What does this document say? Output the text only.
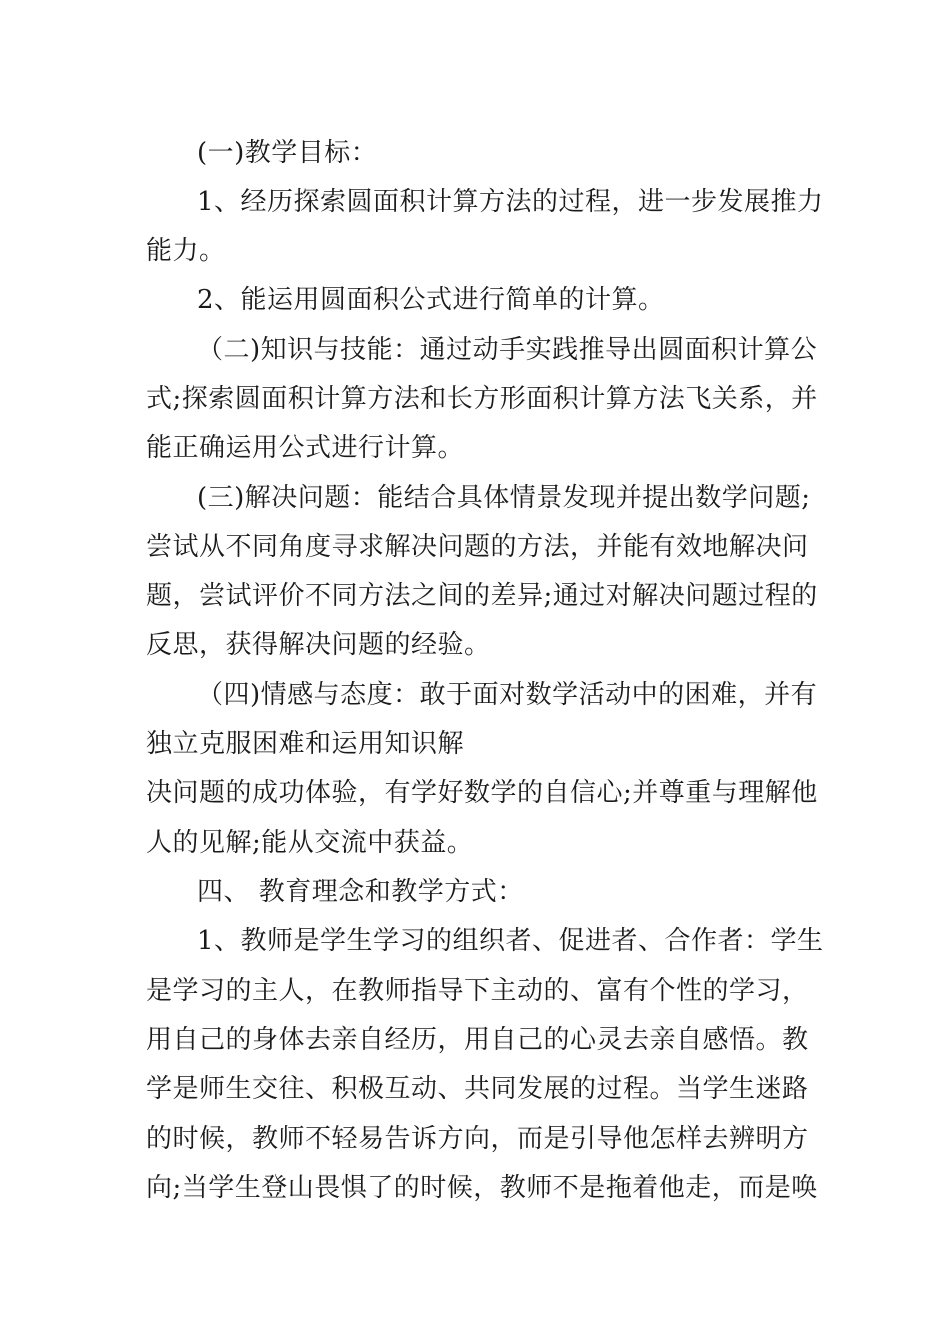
(一)教学目标：

1、经历探索圆面积计算方法的过程，进一步发展推力

能力。

2、能运用圆面积公式进行简单的计算。

（二)知识与技能：通过动手实践推导出圆面积计算公

式;探索圆面积计算方法和长方形面积计算方法飞关系，并

能正确运用公式进行计算。

(三)解决问题：能结合具体情景发现并提出数学问题;

尝试从不同角度寻求解决问题的方法，并能有效地解决问

题，尝试评价不同方法之间的差异;通过对解决问题过程的

反思，获得解决问题的经验。

（四)情感与态度：敢于面对数学活动中的困难，并有

独立克服困难和运用知识解

决问题的成功体验，有学好数学的自信心;并尊重与理解他

人的见解;能从交流中获益。

四、 教育理念和教学方式：

1、教师是学生学习的组织者、促进者、合作者：学生

是学习的主人，在教师指导下主动的、富有个性的学习，

用自己的身体去亲自经历，用自己的心灵去亲自感悟。教

学是师生交往、积极互动、共同发展的过程。当学生迷路

的时候，教师不轻易告诉方向，而是引导他怎样去辨明方

向;当学生登山畏惧了的时候，教师不是拖着他走，而是唤
